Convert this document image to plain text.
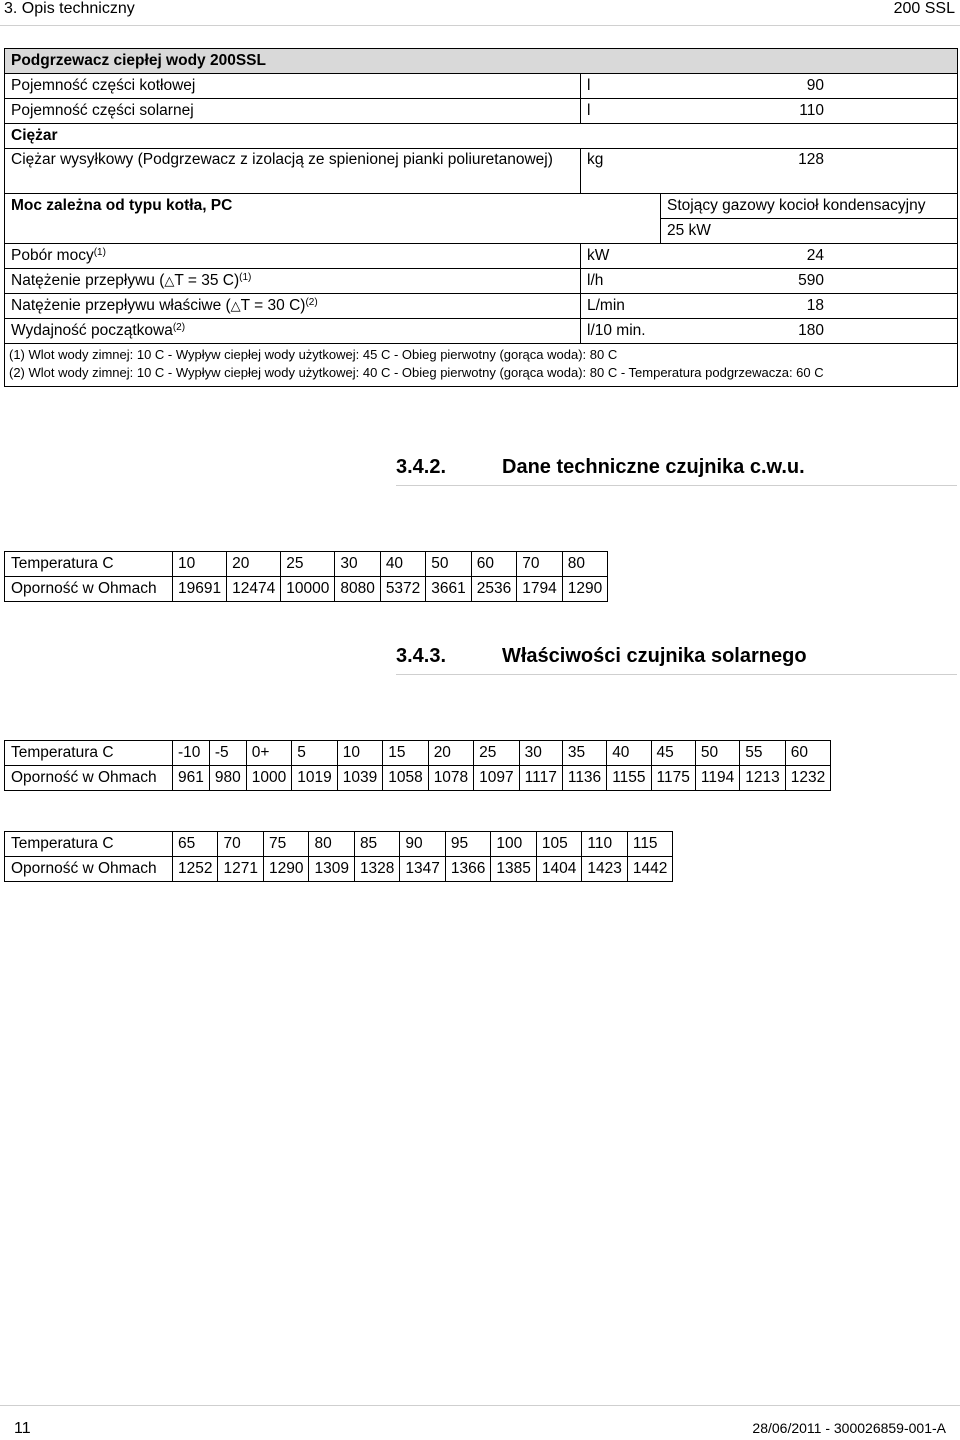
3. Opis techniczny	200 SSL
Podgrzewacz ciepłej wody 200SSL		
Pojemność części kotłowej	l	90
Pojemność części solarnej	l	110
Ciężar		
Ciężar wysyłkowy (Podgrzewacz z izolacją ze spienionej pianki poliuretanowej)	kg	128
Moc zależna od typu kotła, PC		Stojący gazowy kocioł kondensacyjny
		25 kW
Pobór mocy$^{(1)}$	kW	24
Natężenie przepływu (△T = 35 C)$^{(1)}$	l/h	590
Natężenie przepływu właściwe (△T = 30 C)$^{(2)}$	L/min	18
Wydajność początkowa$^{(2)}$	l/10 min.	180

(1) Wlot wody zimnej: 10 C - Wypływ ciepłej wody użytkowej: 45 C - Obieg pierwotny (gorąca woda): 80 C
(2) Wlot wody zimnej: 10 C - Wypływ ciepłej wody użytkowej: 40 C - Obieg pierwotny (gorąca woda): 80 C - Temperatura podgrzewacza: 60 C		
3.4.2.	Dane techniczne czujnika c.w.u.
Temperatura C	10	20	25	30	40	50	60	70	80
Oporność w Ohmach	19691	12474	10000	8080	5372	3661	2536	1794	1290
3.4.3.	Właściwości czujnika solarnego
Temperatura C	-10	-5	0+	5	10	15	20	25	30	35	40	45	50	55	60
Oporność w Ohmach	961	980	1000	1019	1039	1058	1078	1097	1117	1136	1155	1175	1194	1213	1232
Temperatura C	65	70	75	80	85	90	95	100	105	110	115
Oporność w Ohmach	1252	1271	1290	1309	1328	1347	1366	1385	1404	1423	1442
11	28/06/2011 - 300026859-001-A
